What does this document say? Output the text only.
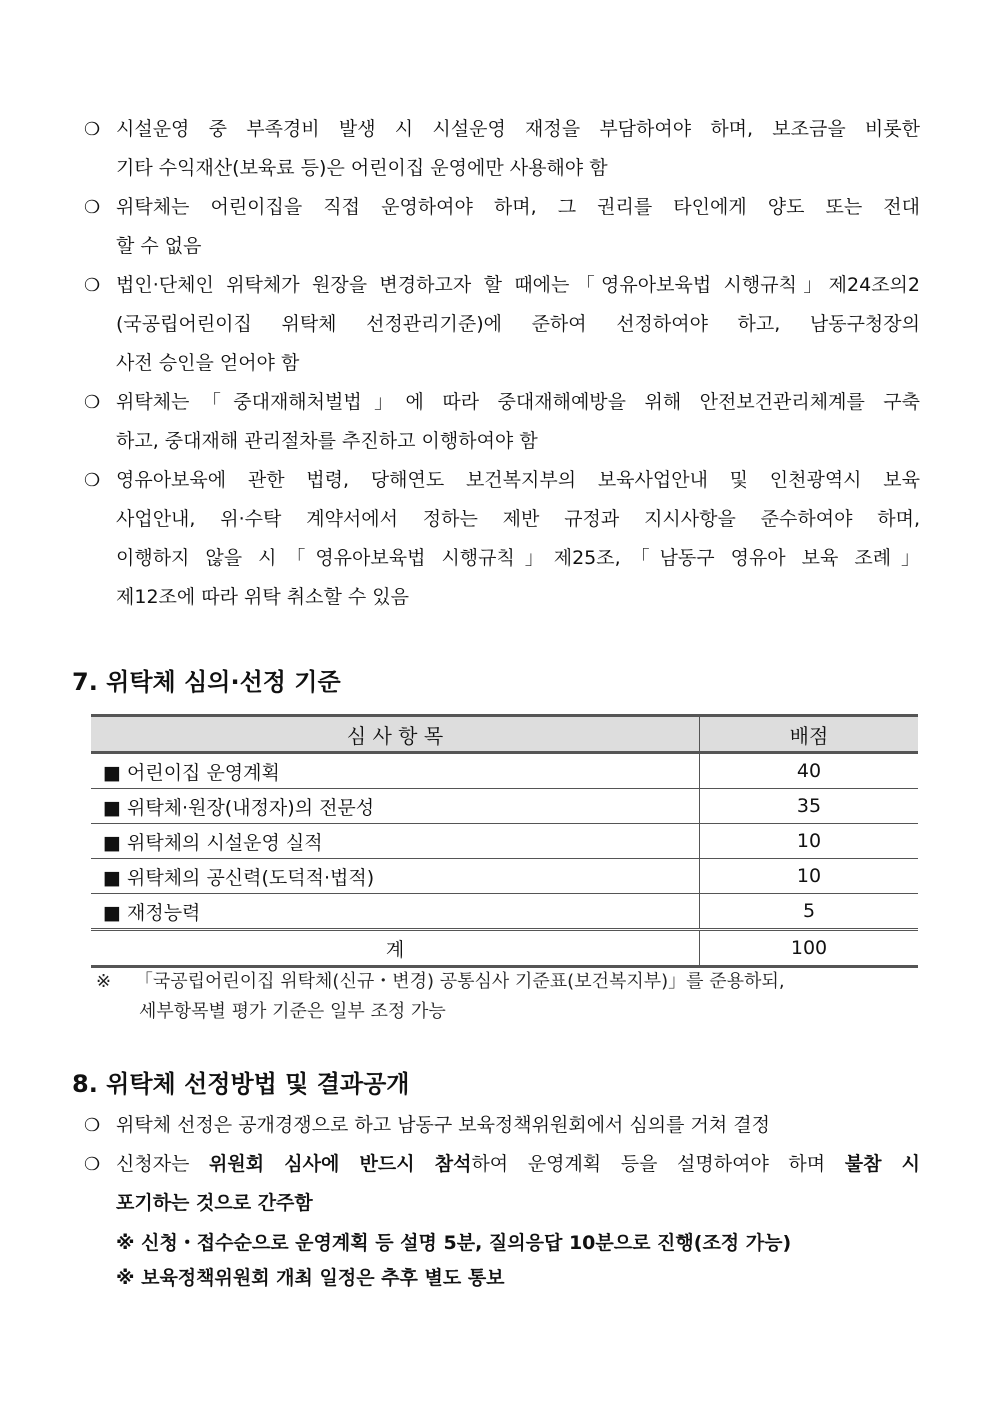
❍ 시설운영 중 부족경비 발생 시 시설운영 재정을 부담하여야 하며, 보조금을 비롯한
기타 수익재산(보육료 등)은 어린이집 운영에만 사용해야 함
❍ 위탁체는 어린이집을 직접 운영하여야 하며, 그 권리를 타인에게 양도 또는 전대
할 수 없음
❍ 법인·단체인 위탁체가 원장을 변경하고자 할 때에는「영유아보육법 시행규칙」제24조의2
(국공립어린이집 위탁체 선정관리기준)에 준하여 선정하여야 하고, 남동구청장의
사전 승인을 얻어야 함
❍ 위탁체는「중대재해처벌법」에 따라 중대재해예방을 위해 안전보건관리체계를 구축
하고, 중대재해 관리절차를 추진하고 이행하여야 함
❍ 영유아보육에 관한 법령, 당해연도 보건복지부의 보육사업안내 및 인천광역시 보육
사업안내, 위·수탁 계약서에서 정하는 제반 규정과 지시사항을 준수하여야 하며,
이행하지 않을 시「영유아보육법 시행규칙」제25조,「남동구 영유아 보육 조례」
제12조에 따라 위탁 취소할 수 있음
7. 위탁체 심의·선정 기준
심 사 항 목	배점
■ 어린이집 운영계획	40
■ 위탁체·원장(내정자)의 전문성	35
■ 위탁체의 시설운영 실적	10
■ 위탁체의 공신력(도덕적·법적)	10
■ 재정능력	5
계	100
※ 「국공립어린이집 위탁체(신규・변경) 공통심사 기준표(보건복지부)」를 준용하되,
세부항목별 평가 기준은 일부 조정 가능
8. 위탁체 선정방법 및 결과공개
❍ 위탁체 선정은 공개경쟁으로 하고 남동구 보육정책위원회에서 심의를 거쳐 결정
❍ 신청자는 위원회 심사에 반드시 참석하여 운영계획 등을 설명하여야 하며 불참 시
포기하는 것으로 간주함
※ 신청・접수순으로 운영계획 등 설명 5분, 질의응답 10분으로 진행(조정 가능)
※ 보육정책위원회 개최 일정은 추후 별도 통보
